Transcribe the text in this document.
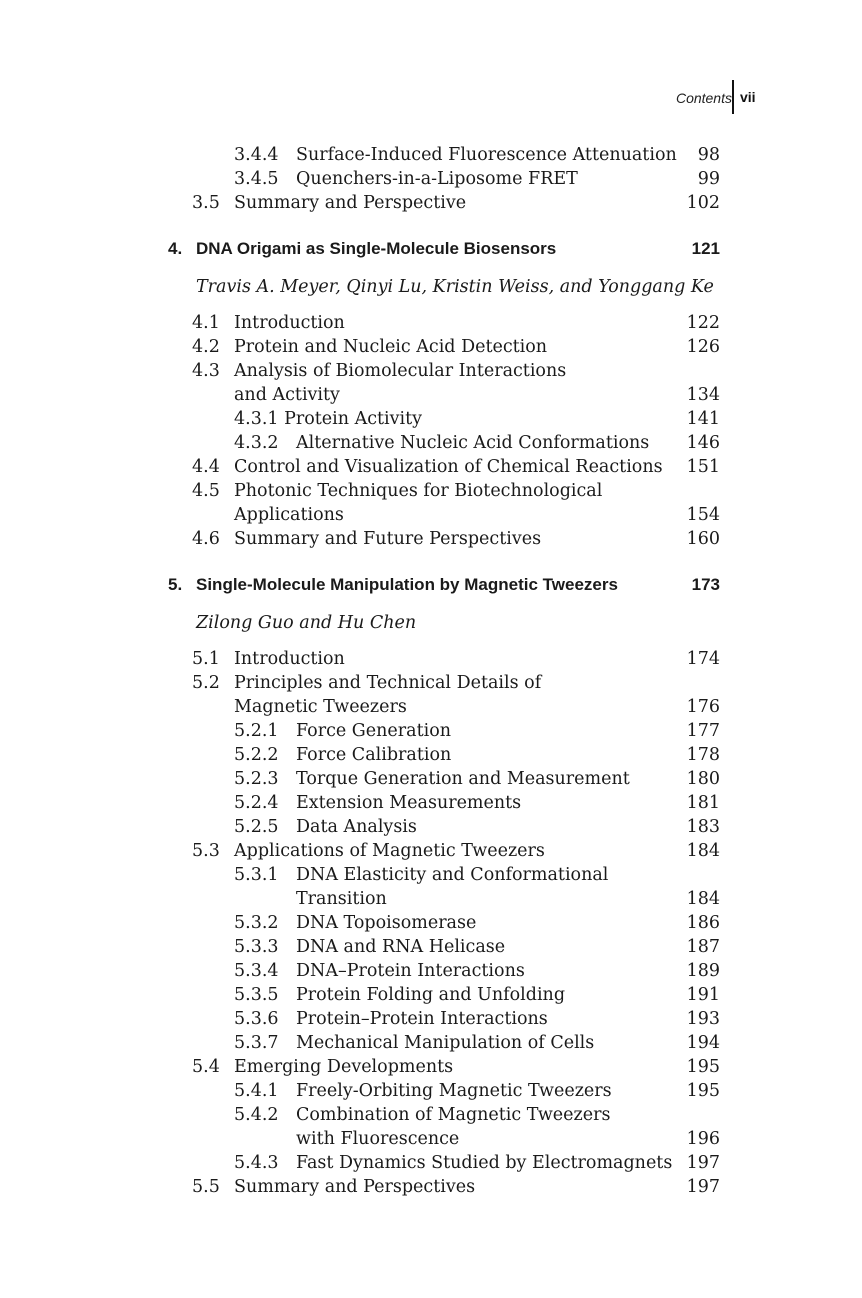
Contents vii
3.4.4 Surface-Induced Fluorescence Attenuation 98
3.4.5 Quenchers-in-a-Liposome FRET	99
3.5 Summary and Perspective	102
4. DNA Origami as Single-Molecule Biosensors	121
Travis A. Meyer, Qinyi Lu, Kristin Weiss, and Yonggang Ke
4.1 Introduction	122
4.2 Protein and Nucleic Acid Detection	126
4.3 Analysis of Biomolecular Interactions
and Activity	134
4.3.1 Protein Activity	141
4.3.2 Alternative Nucleic Acid Conformations 146
4.4 Control and Visualization of Chemical Reactions 151
4.5 Photonic Techniques for Biotechnological
Applications	154
4.6 Summary and Future Perspectives	160
5. Single-Molecule Manipulation by Magnetic Tweezers	173
Zilong Guo and Hu Chen
5.1 Introduction	174
5.2 Principles and Technical Details of
Magnetic Tweezers	176
5.2.1 Force Generation	177
5.2.2 Force Calibration	178
5.2.3 Torque Generation and Measurement	180
5.2.4 Extension Measurements	181
5.2.5 Data Analysis	183
5.3 Applications of Magnetic Tweezers	184
5.3.1 DNA Elasticity and Conformational
Transition	184
5.3.2 DNA Topoisomerase	186
5.3.3 DNA and RNA Helicase	187
5.3.4 DNA–Protein Interactions	189
5.3.5 Protein Folding and Unfolding	191
5.3.6 Protein–Protein Interactions	193
5.3.7 Mechanical Manipulation of Cells	194
5.4 Emerging Developments	195
5.4.1 Freely-Orbiting Magnetic Tweezers	195
5.4.2 Combination of Magnetic Tweezers
with Fluorescence	196
5.4.3 Fast Dynamics Studied by Electromagnets 197
5.5 Summary and Perspectives	197
